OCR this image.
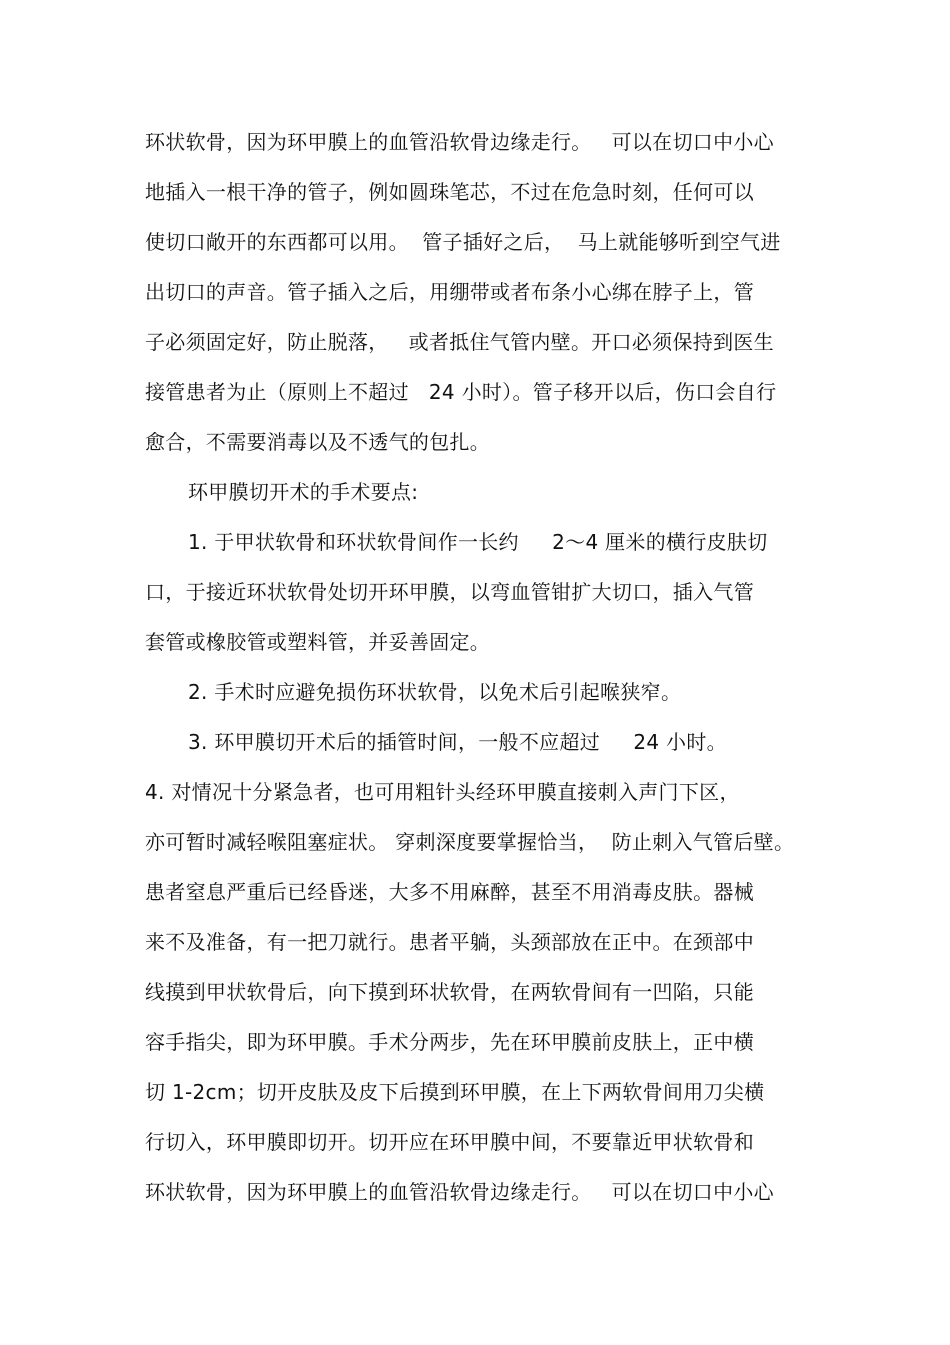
环状软骨，因为环甲膜上的血管沿软骨边缘走行。   可以在切口中小心
地插入一根干净的管子，例如圆珠笔芯，不过在危急时刻，任何可以
使切口敞开的东西都可以用。  管子插好之后，  马上就能够听到空气进
出切口的声音。管子插入之后，用绷带或者布条小心绑在脖子上，管
子必须固定好，防止脱落，   或者抵住气管内壁。开口必须保持到医生
接管患者为止（原则上不超过   24 小时）。管子移开以后，伤口会自行
愈合，不需要消毒以及不透气的包扎。
环甲膜切开术的手术要点:
1. 于甲状软骨和环状软骨间作一长约     2～4 厘米的横行皮肤切
口，于接近环状软骨处切开环甲膜，以弯血管钳扩大切口，插入气管
套管或橡胶管或塑料管，并妥善固定。
2. 手术时应避免损伤环状软骨，以免术后引起喉狭窄。
3. 环甲膜切开术后的插管时间，一般不应超过     24 小时。
4. 对情况十分紧急者，也可用粗针头经环甲膜直接刺入声门下区，
亦可暂时减轻喉阻塞症状。 穿刺深度要掌握恰当，  防止刺入气管后壁。
患者窒息严重后已经昏迷，大多不用麻醉，甚至不用消毒皮肤。器械
来不及准备，有一把刀就行。患者平躺，头颈部放在正中。在颈部中
线摸到甲状软骨后，向下摸到环状软骨，在两软骨间有一凹陷，只能
容手指尖，即为环甲膜。手术分两步，先在环甲膜前皮肤上，正中横
切 1-2cm；切开皮肤及皮下后摸到环甲膜，在上下两软骨间用刀尖横
行切入，环甲膜即切开。切开应在环甲膜中间，不要靠近甲状软骨和
环状软骨，因为环甲膜上的血管沿软骨边缘走行。   可以在切口中小心
